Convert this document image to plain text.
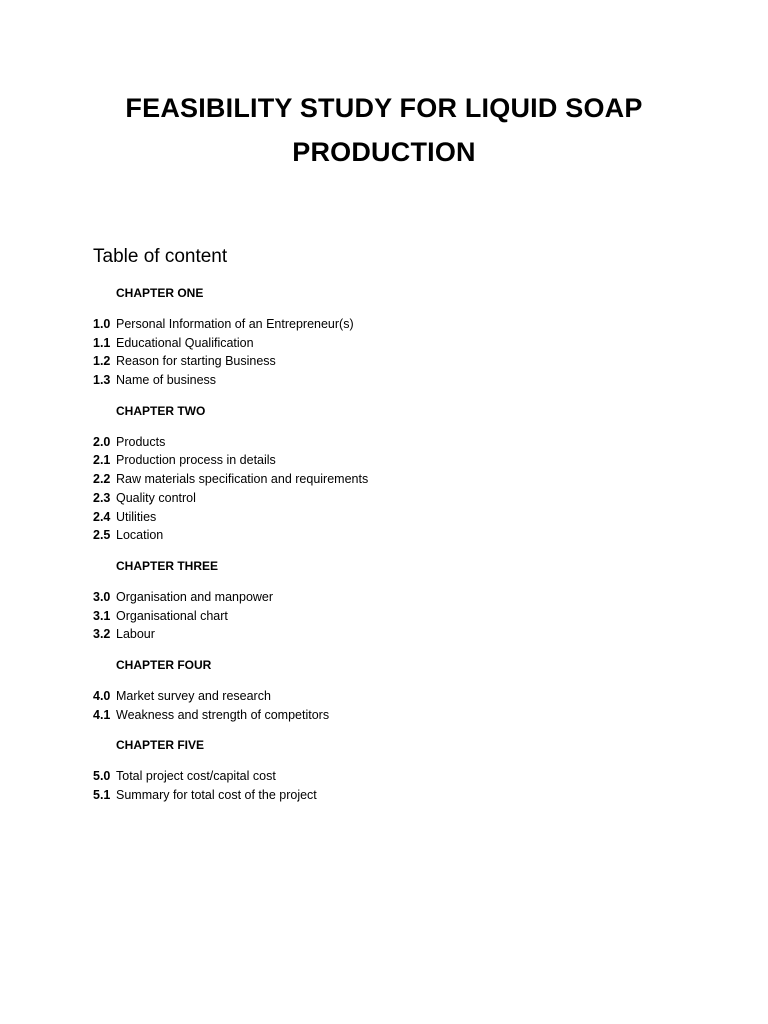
FEASIBILITY STUDY FOR LIQUID SOAP
PRODUCTION
Table of content
CHAPTER ONE
1.0 Personal Information of an Entrepreneur(s)
1.1 Educational Qualification
1.2 Reason for starting Business
1.3 Name of business
CHAPTER TWO
2.0 Products
2.1 Production process in details
2.2 Raw materials specification and requirements
2.3 Quality control
2.4 Utilities
2.5 Location
CHAPTER THREE
3.0 Organisation and manpower
3.1 Organisational chart
3.2 Labour
CHAPTER FOUR
4.0 Market survey and research
4.1 Weakness and strength of competitors
CHAPTER FIVE
5.0 Total project cost/capital cost
5.1 Summary for total cost of the project
